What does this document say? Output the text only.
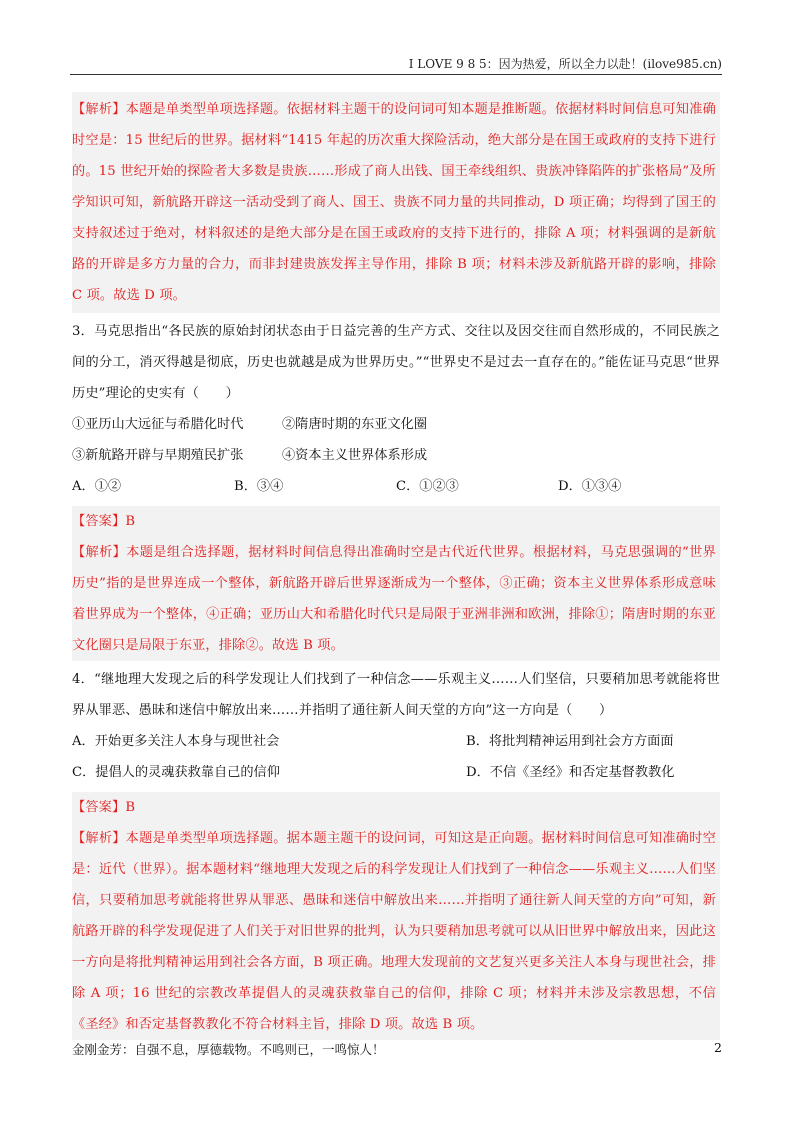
I LOVE 9 8 5：因为热爱，所以全力以赴！(ilove985.cn)
【解析】本题是单类型单项选择题。依据材料主题干的设问词可知本题是推断题。依据材料时间信息可知准确时空是：15 世纪后的世界。据材料“1415 年起的历次重大探险活动，绝大部分是在国王或政府的支持下进行的。15 世纪开始的探险者大多数是贵族……形成了商人出钱、国王牵线组织、贵族冲锋陷阵的扩张格局”及所学知识可知，新航路开辟这一活动受到了商人、国王、贵族不同力量的共同推动，D 项正确；均得到了国王的支持叙述过于绝对，材料叙述的是绝大部分是在国王或政府的支持下进行的，排除 A 项；材料强调的是新航路的开辟是多方力量的合力，而非封建贵族发挥主导作用，排除 B 项；材料未涉及新航路开辟的影响，排除 C 项。故选 D 项。
3．马克思指出“各民族的原始封闭状态由于日益完善的生产方式、交往以及因交往而自然形成的，不同民族之间的分工，消灭得越是彻底，历史也就越是成为世界历史。”“世界史不是过去一直存在的。”能佐证马克思“世界历史”理论的史实有（　　）
①亚历山大远征与希腊化时代	②隋唐时期的东亚文化圈
③新航路开辟与早期殖民扩张	④资本主义世界体系形成
A．①②	B．③④	C．①②③	D．①③④
【答案】B
【解析】本题是组合选择题，据材料时间信息得出准确时空是古代近代世界。根据材料，马克思强调的“世界历史”指的是世界连成一个整体，新航路开辟后世界逐渐成为一个整体，③正确；资本主义世界体系形成意味着世界成为一个整体，④正确；亚历山大和希腊化时代只是局限于亚洲非洲和欧洲，排除①；隋唐时期的东亚文化圈只是局限于东亚，排除②。故选 B 项。
4．“继地理大发现之后的科学发现让人们找到了一种信念——乐观主义……人们坚信，只要稍加思考就能将世界从罪恶、愚昧和迷信中解放出来……并指明了通往新人间天堂的方向”这一方向是（　　）
A．开始更多关注人本身与现世社会	B．将批判精神运用到社会方方面面
C．提倡人的灵魂获救靠自己的信仰	D．不信《圣经》和否定基督教教化
【答案】B
【解析】本题是单类型单项选择题。据本题主题干的设问词，可知这是正向题。据材料时间信息可知准确时空是：近代（世界）。据本题材料“继地理大发现之后的科学发现让人们找到了一种信念——乐观主义……人们坚信，只要稍加思考就能将世界从罪恶、愚昧和迷信中解放出来……并指明了通往新人间天堂的方向”可知，新航路开辟的科学发现促进了人们关于对旧世界的批判，认为只要稍加思考就可以从旧世界中解放出来，因此这一方向是将批判精神运用到社会各方面，B 项正确。地理大发现前的文艺复兴更多关注人本身与现世社会，排除 A 项；16 世纪的宗教改革提倡人的灵魂获救靠自己的信仰，排除 C 项；材料并未涉及宗教思想，不信《圣经》和否定基督教教化不符合材料主旨，排除 D 项。故选 B 项。
金刚金芳：自强不息，厚德载物。不鸣则已，一鸣惊人！	2
